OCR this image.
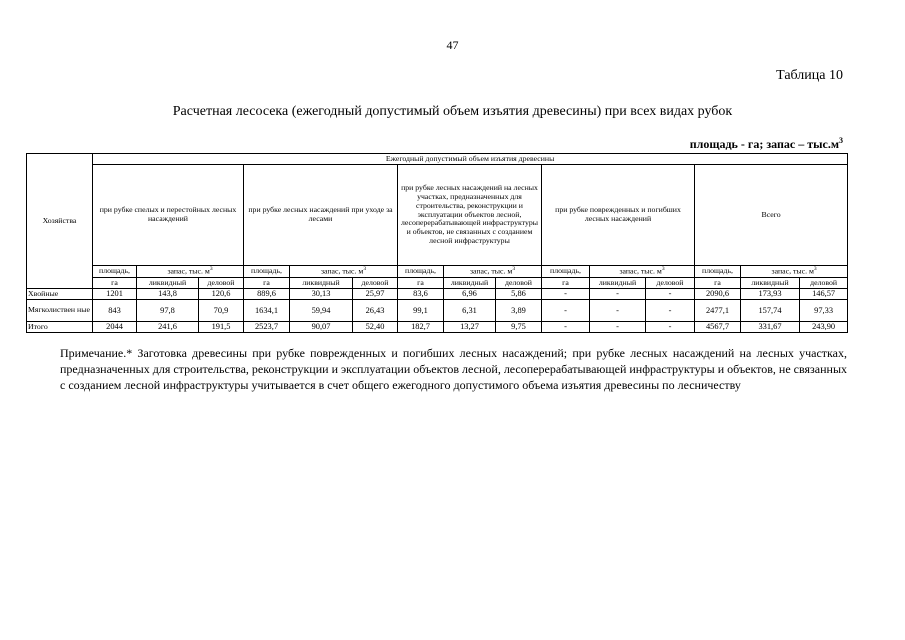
47
Таблица 10
Расчетная лесосека (ежегодный допустимый объем изъятия древесины) при всех видах рубок
площадь - га; запас – $тыс.м^3$
Хозяйства	Ежегодный допустимый объем изъятия древесины														
	при рубке спелых и перестойных лесных насаждений			при рубке лесных насаждений при уходе за лесами			при рубке лесных насаждений на лесных участках, предназначенных для строительства, реконструкции и эксплуатации объектов лесной, лесоперерабатывающей инфраструктуры и объектов, не связанных с созданием лесной инфраструктуры			при рубке поврежденных и погибших лесных насаждений			Всего		
	площадь,	запас, тыс. $м^3$		площадь,	запас, тыс. $м^3$		площадь,	запас, тыс. $м^3$		площадь,	запас, тыс. $м^3$		площадь,	запас, тыс. $м^3$
	га	ликвидный	деловой	га	ликвидный	деловой	га	ликвидный	деловой	га	ликвидный	деловой	га	ликвидный	деловой
Хвойные	1201	143,8	120,6	889,6	30,13	25,97	83,6	6,96	5,86	-	-	-	2090,6	173,93	146,57
Мягколиствен ные	843	97,8	70,9	1634,1	59,94	26,43	99,1	6,31	3,89	-	-	-	2477,1	157,74	97,33
Итого	2044	241,6	191,5	2523,7	90,07	52,40	182,7	13,27	9,75	-	-	-	4567,7	331,67	243,90
Примечание.* Заготовка древесины при рубке поврежденных и погибших лесных насаждений; при рубке лесных насаждений на лесных участках, предназначенных для строительства, реконструкции и эксплуатации объектов лесной, лесоперерабатывающей инфраструктуры и объектов, не связанных с созданием лесной инфраструктуры учитывается в счет общего ежегодного допустимого объема изъятия древесины по лесничеству
